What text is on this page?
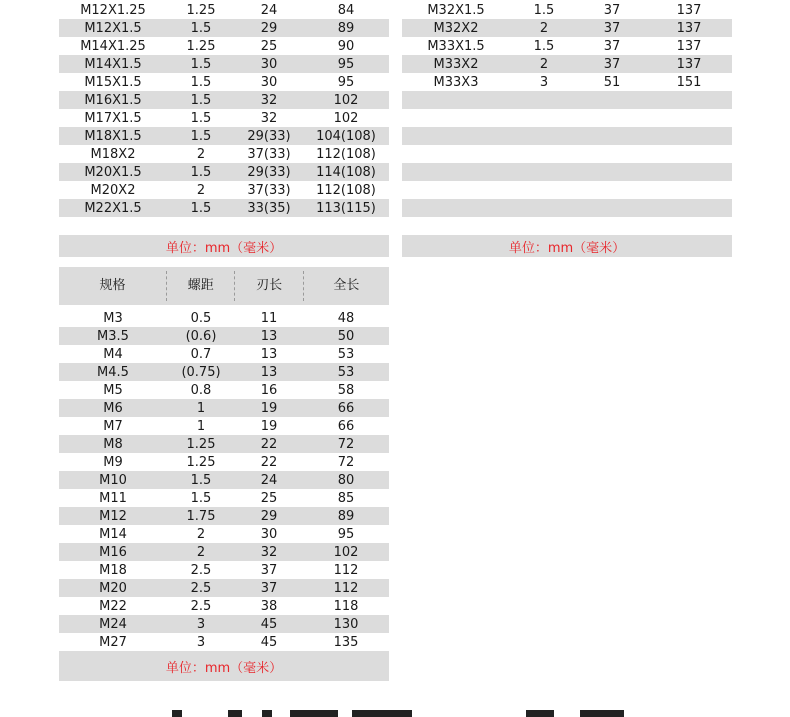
M12X1.25	1.25	24	84
M12X1.5	1.5	29	89
M14X1.25	1.25	25	90
M14X1.5	1.5	30	95
M15X1.5	1.5	30	95
M16X1.5	1.5	32	102
M17X1.5	1.5	32	102
M18X1.5	1.5	29(33)	104(108)
M18X2	2	37(33)	112(108)
M20X1.5	1.5	29(33)	114(108)
M20X2	2	37(33)	112(108)
M22X1.5	1.5	33(35)	113(115)
单位：mm（毫米）
M32X1.5	1.5	37	137
M32X2	2	37	137
M33X1.5	1.5	37	137
M33X2	2	37	137
M33X3	3	51	151
单位：mm（毫米）
规格	螺距	刃长	全长
M3	0.5	11	48
M3.5	(0.6)	13	50
M4	0.7	13	53
M4.5	(0.75)	13	53
M5	0.8	16	58
M6	1	19	66
M7	1	19	66
M8	1.25	22	72
M9	1.25	22	72
M10	1.5	24	80
M11	1.5	25	85
M12	1.75	29	89
M14	2	30	95
M16	2	32	102
M18	2.5	37	112
M20	2.5	37	112
M22	2.5	38	118
M24	3	45	130
M27	3	45	135
单位：mm（毫米）
